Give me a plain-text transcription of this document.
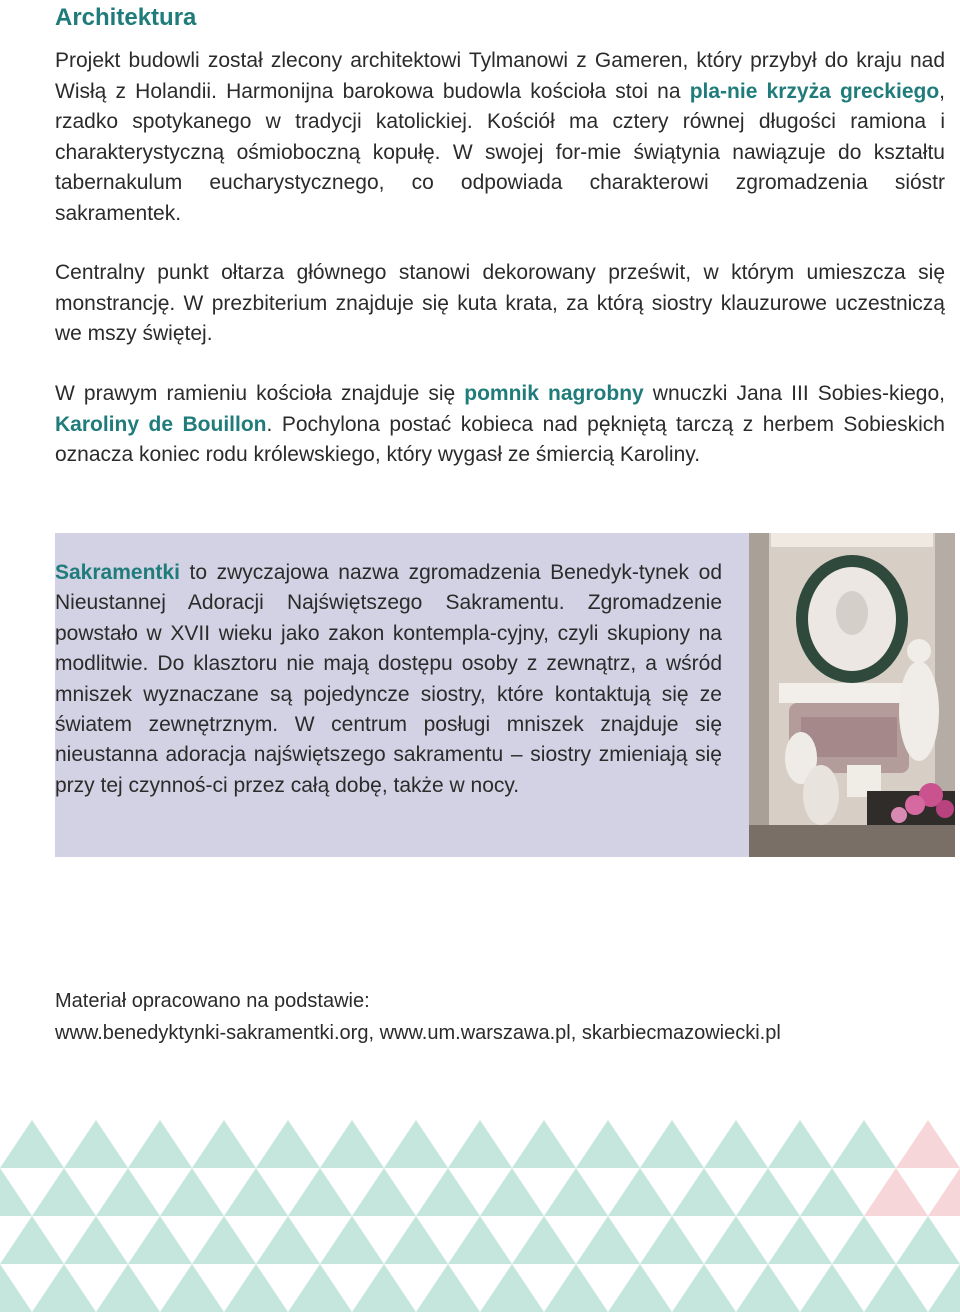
Architektura

Projekt budowli został zlecony architektowi Tylmanowi z Gameren, który przybył do kraju nad Wisłą z Holandii. Harmonijna barokowa budowla kościoła stoi na pla-nie krzyża greckiego, rzadko spotykanego w tradycji katolickiej. Kościół ma cztery równej długości ramiona i charakterystyczną ośmioboczną kopułę. W swojej for-mie świątynia nawiązuje do kształtu tabernakulum eucharystycznego, co odpowiada charakterowi zgromadzenia sióstr sakramentek.

Centralny punkt ołtarza głównego stanowi dekorowany prześwit, w którym umieszcza się monstrancję. W prezbiterium znajduje się kuta krata, za którą siostry klauzurowe uczestniczą we mszy świętej.

W prawym ramieniu kościoła znajduje się pomnik nagrobny wnuczki Jana III Sobies-kiego, Karoliny de Bouillon. Pochylona postać kobieca nad pękniętą tarczą z herbem Sobieskich oznacza koniec rodu królewskiego, który wygasł ze śmiercią Karoliny.

Sakramentki to zwyczajowa nazwa zgromadzenia Benedyk-tynek od Nieustannej Adoracji Najświętszego Sakramentu. Zgromadzenie powstało w XVII wieku jako zakon kontempla-cyjny, czyli skupiony na modlitwie. Do klasztoru nie mają dostępu osoby z zewnątrz, a wśród mniszek wyznaczane są pojedyncze siostry, które kontaktują się ze światem zewnętrznym. W centrum posługi mniszek znajduje się nieustanna adoracja najświętszego sakramentu – siostry zmieniają się przy tej czynnoś-ci przez całą dobę, także w nocy.

Materiał opracowano na podstawie:

www.benedyktynki-sakramentki.org, www.um.warszawa.pl, skarbiecmazowiecki.pl
